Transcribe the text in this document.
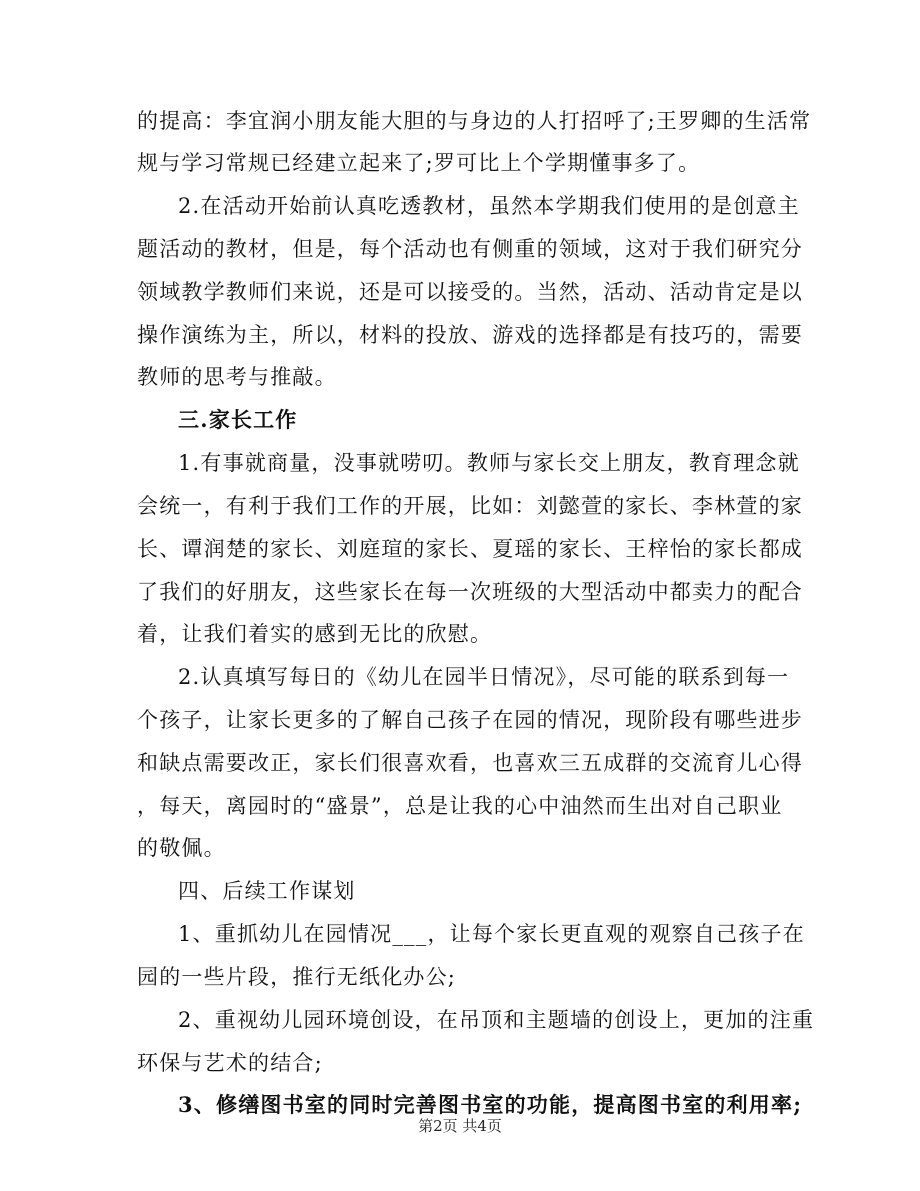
的提高：李宜润小朋友能大胆的与身边的人打招呼了;王罗卿的生活常
规与学习常规已经建立起来了;罗可比上个学期懂事多了。
2.在活动开始前认真吃透教材，虽然本学期我们使用的是创意主
题活动的教材，但是，每个活动也有侧重的领域，这对于我们研究分
领域教学教师们来说，还是可以接受的。当然，活动、活动肯定是以
操作演练为主，所以，材料的投放、游戏的选择都是有技巧的，需要
教师的思考与推敲。
三.家长工作
1.有事就商量，没事就唠叨。教师与家长交上朋友，教育理念就
会统一，有利于我们工作的开展，比如：刘懿萱的家长、李林萱的家
长、谭润楚的家长、刘庭瑄的家长、夏瑶的家长、王梓怡的家长都成
了我们的好朋友，这些家长在每一次班级的大型活动中都卖力的配合
着，让我们着实的感到无比的欣慰。
2.认真填写每日的《幼儿在园半日情况》，尽可能的联系到每一
个孩子，让家长更多的了解自己孩子在园的情况，现阶段有哪些进步
和缺点需要改正，家长们很喜欢看，也喜欢三五成群的交流育儿心得
，每天，离园时的“盛景”，总是让我的心中油然而生出对自己职业
的敬佩。
四、后续工作谋划
1、重抓幼儿在园情况___，让每个家长更直观的观察自己孩子在
园的一些片段，推行无纸化办公;
2、重视幼儿园环境创设，在吊顶和主题墙的创设上，更加的注重
环保与艺术的结合;
3、修缮图书室的同时完善图书室的功能，提高图书室的利用率;
第2页 共4页
